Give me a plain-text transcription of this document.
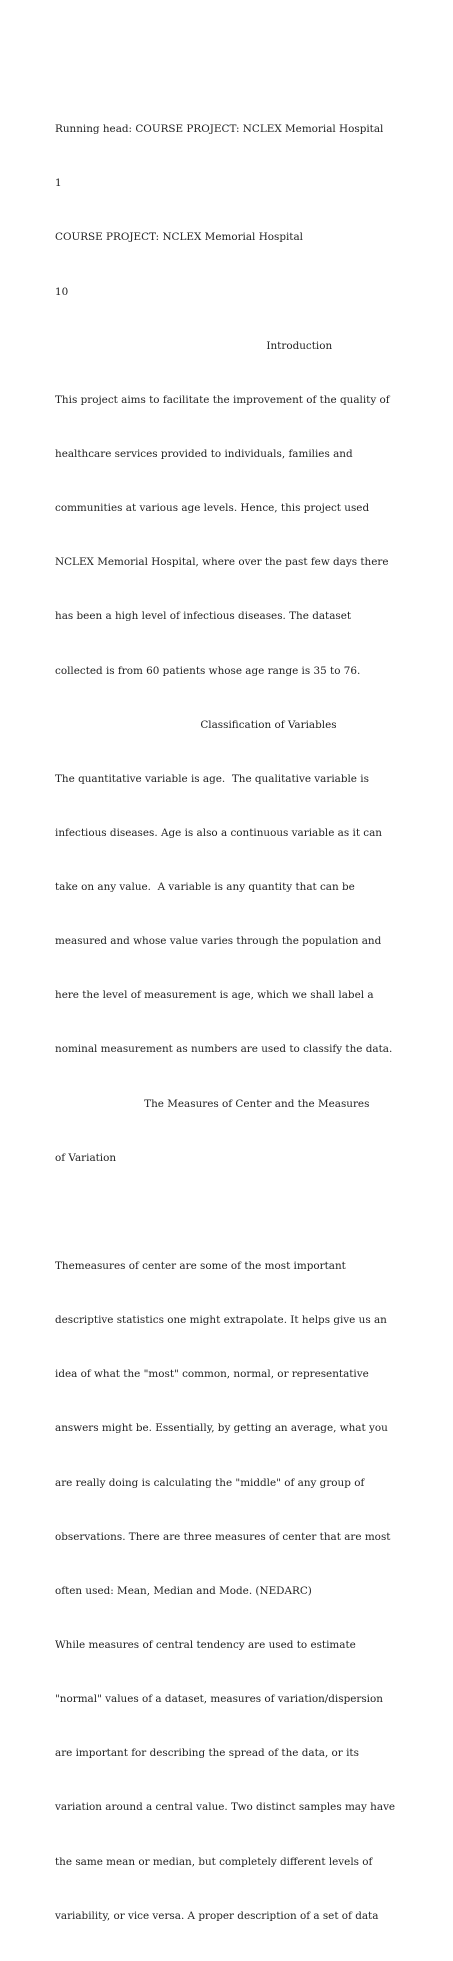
Running head: COURSE PROJECT: NCLEX Memorial Hospital

1

COURSE PROJECT: NCLEX Memorial Hospital

10

Introduction

This project aims to facilitate the improvement of the quality of

healthcare services provided to individuals, families and

communities at various age levels. Hence, this project used

NCLEX Memorial Hospital, where over the past few days there

has been a high level of infectious diseases. The dataset

collected is from 60 patients whose age range is 35 to 76.

Classification of Variables

The quantitative variable is age.  The qualitative variable is

infectious diseases. Age is also a continuous variable as it can

take on any value.  A variable is any quantity that can be

measured and whose value varies through the population and

here the level of measurement is age, which we shall label a

nominal measurement as numbers are used to classify the data.

The Measures of Center and the Measures

of Variation

Themeasures of center are some of the most important

descriptive statistics one might extrapolate. It helps give us an

idea of what the "most" common, normal, or representative

answers might be. Essentially, by getting an average, what you

are really doing is calculating the "middle" of any group of

observations. There are three measures of center that are most

often used: Mean, Median and Mode. (NEDARC)

While measures of central tendency are used to estimate

"normal" values of a dataset, measures of variation/dispersion

are important for describing the spread of the data, or its

variation around a central value. Two distinct samples may have

the same mean or median, but completely different levels of

variability, or vice versa. A proper description of a set of data
